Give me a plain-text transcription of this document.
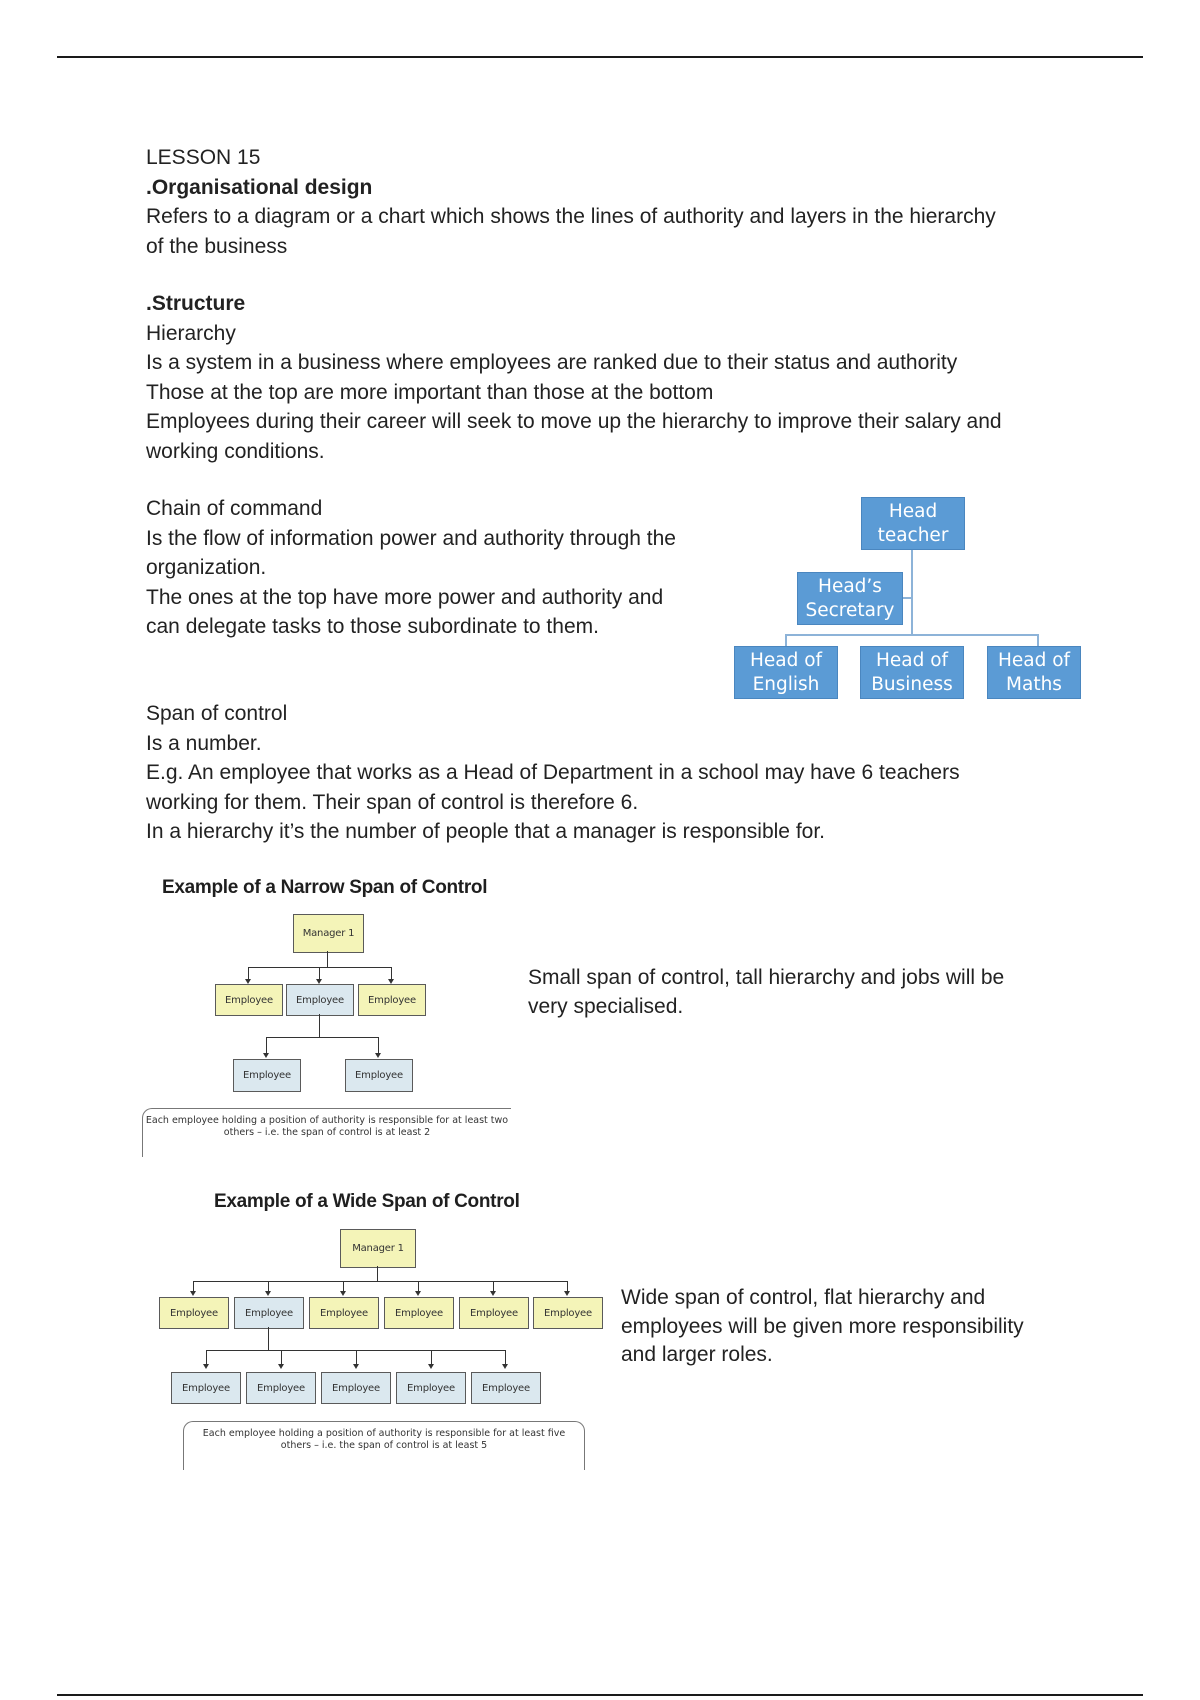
LESSON 15
.Organisational design
Refers to a diagram or a chart which shows the lines of authority and layers in the hierarchy
of the business
.Structure
Hierarchy
Is a system in a business where employees are ranked due to their status and authority
Those at the top are more important than those at the bottom
Employees during their career will seek to move up the hierarchy to improve their salary and
working conditions.
Chain of command
Is the flow of information power and authority through the
organization.
The ones at the top have more power and authority and
can delegate tasks to those subordinate to them.
Head
teacher
Head’s
Secretary
Head of
English
Head of
Business
Head of
Maths
Span of control
Is a number.
E.g. An employee that works as a Head of Department in a school may have 6 teachers
working for them. Their span of control is therefore 6.
In a hierarchy it’s the number of people that a manager is responsible for.
Example of a Narrow Span of Control
Manager 1
Employee	Employee	Employee
Employee	Employee
Each employee holding a position of authority is responsible for at least two
others – i.e. the span of control is at least 2
Small span of control, tall hierarchy and jobs will be
very specialised.
Example of a Wide Span of Control
Manager 1
Employee	Employee	Employee	Employee	Employee	Employee
Employee	Employee	Employee	Employee	Employee
Each employee holding a position of authority is responsible for at least five
others – i.e. the span of control is at least 5
Wide span of control, flat hierarchy and
employees will be given more responsibility
and larger roles.
